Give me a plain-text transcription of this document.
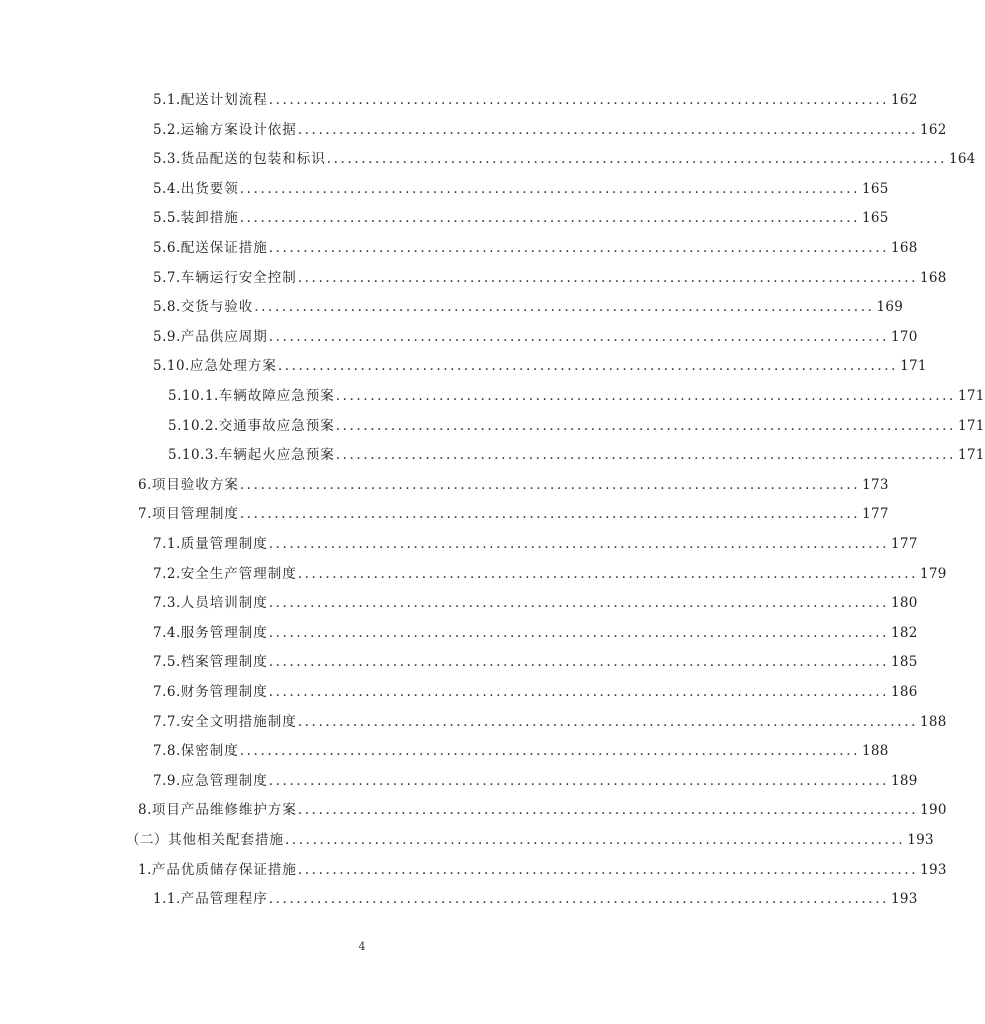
5.1. 配送计划流程 .......................................................................................... 162
5.2. 运输方案设计依据 .......................................................................................... 162
5.3. 货品配送的包装和标识 .......................................................................................... 164
5.4. 出货要领 .......................................................................................... 165
5.5. 装卸措施 .......................................................................................... 165
5.6. 配送保证措施 .......................................................................................... 168
5.7. 车辆运行安全控制 .......................................................................................... 168
5.8. 交货与验收 .......................................................................................... 169
5.9. 产品供应周期 .......................................................................................... 170
5.10. 应急处理方案 .......................................................................................... 171
5.10.1. 车辆故障应急预案 .......................................................................................... 171
5.10.2. 交通事故应急预案 .......................................................................................... 171
5.10.3. 车辆起火应急预案 .......................................................................................... 171
6. 项目验收方案 .......................................................................................... 173
7. 项目管理制度 .......................................................................................... 177
7.1. 质量管理制度 .......................................................................................... 177
7.2. 安全生产管理制度 .......................................................................................... 179
7.3. 人员培训制度 .......................................................................................... 180
7.4. 服务管理制度 .......................................................................................... 182
7.5. 档案管理制度 .......................................................................................... 185
7.6. 财务管理制度 .......................................................................................... 186
7.7. 安全文明措施制度 .......................................................................................... 188
7.8. 保密制度 .......................................................................................... 188
7.9. 应急管理制度 .......................................................................................... 189
8. 项目产品维修维护方案 .......................................................................................... 190
（二） 其他相关配套措施 .......................................................................................... 193
1. 产品优质储存保证措施 .......................................................................................... 193
1.1. 产品管理程序 .......................................................................................... 193
4
